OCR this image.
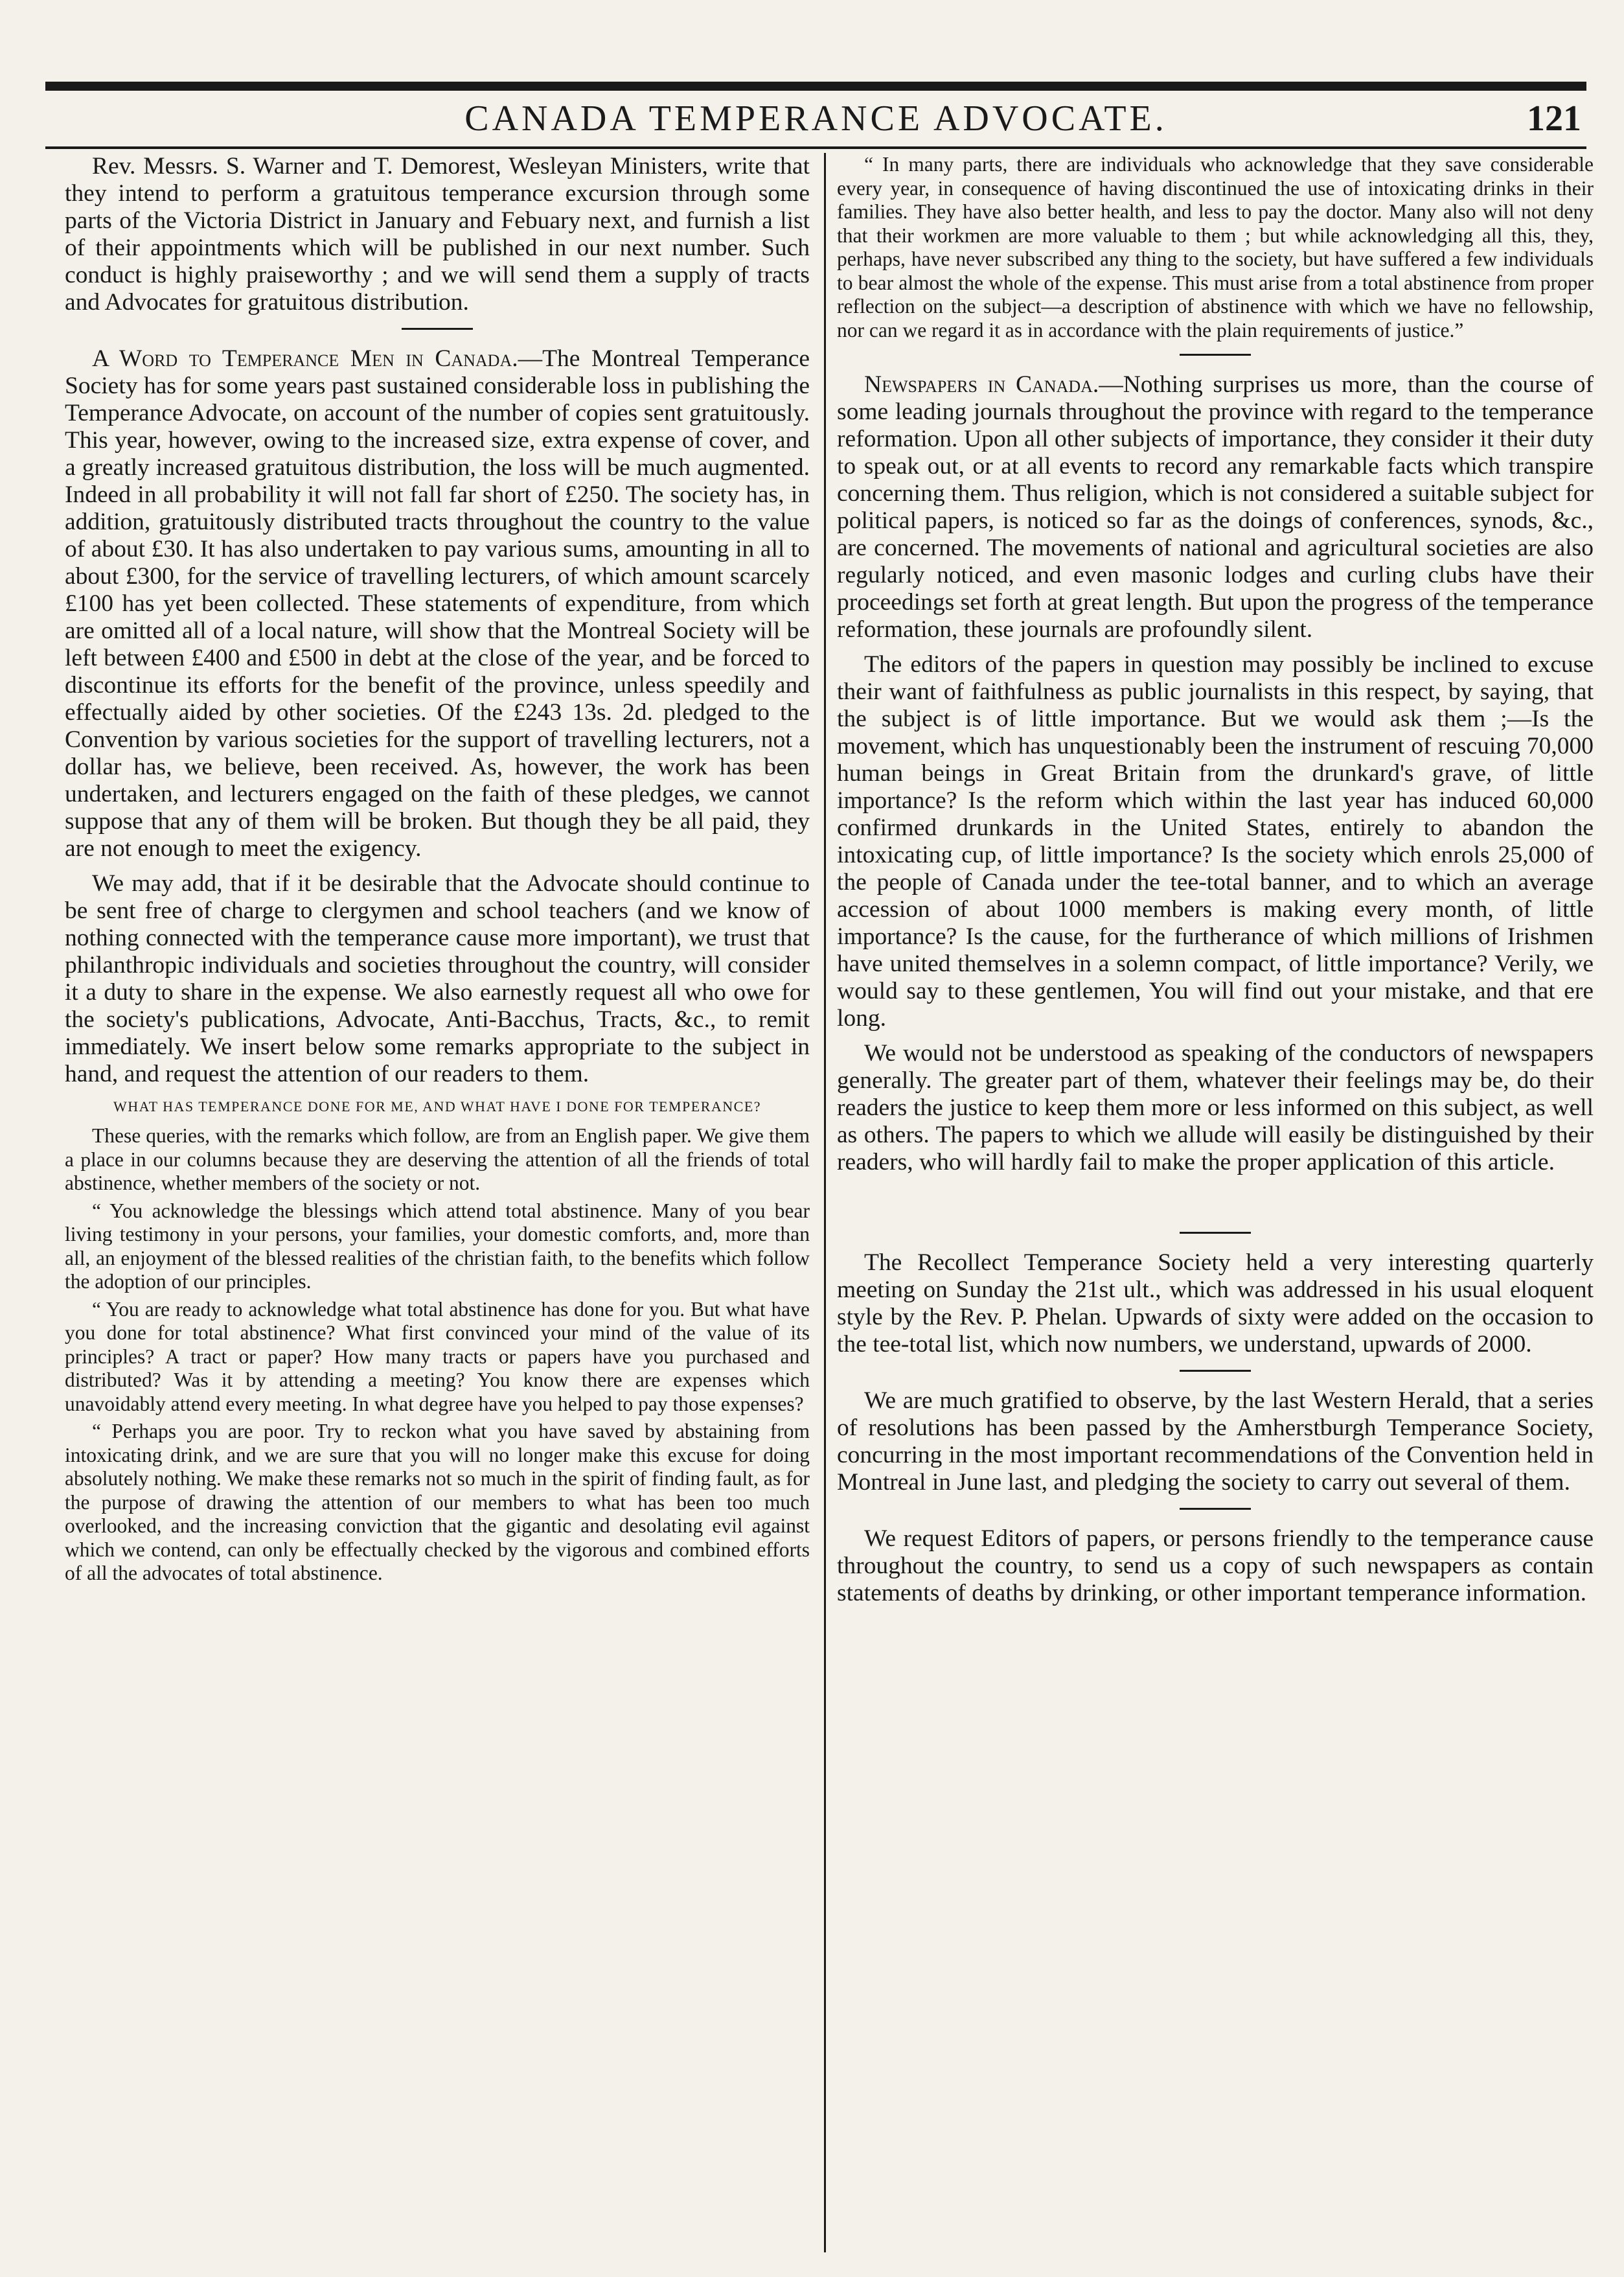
CANADA TEMPERANCE ADVOCATE.	121

Rev. Messrs. S. Warner and T. Demorest, Wesleyan Ministers, write that they intend to perform a gratuitous temperance excursion through some parts of the Victoria District in January and Febuary next, and furnish a list of their appointments which will be published in our next number. Such conduct is highly praiseworthy ; and we will send them a supply of tracts and Advocates for gratuitous distribution.

A Word to Temperance Men in Canada.—The Montreal Temperance Society has for some years past sustained considerable loss in publishing the Temperance Advocate, on account of the number of copies sent gratuitously. This year, however, owing to the increased size, extra expense of cover, and a greatly increased gratuitous distribution, the loss will be much augmented. Indeed in all probability it will not fall far short of £250. The society has, in addition, gratuitously distributed tracts throughout the country to the value of about £30. It has also undertaken to pay various sums, amounting in all to about £300, for the service of travelling lecturers, of which amount scarcely £100 has yet been collected. These statements of expenditure, from which are omitted all of a local nature, will show that the Montreal Society will be left between £400 and £500 in debt at the close of the year, and be forced to discontinue its efforts for the benefit of the province, unless speedily and effectually aided by other societies. Of the £243 13s. 2d. pledged to the Convention by various societies for the support of travelling lecturers, not a dollar has, we believe, been received. As, however, the work has been undertaken, and lecturers engaged on the faith of these pledges, we cannot suppose that any of them will be broken. But though they be all paid, they are not enough to meet the exigency.

We may add, that if it be desirable that the Advocate should continue to be sent free of charge to clergymen and school teachers (and we know of nothing connected with the temperance cause more important), we trust that philanthropic individuals and societies throughout the country, will consider it a duty to share in the expense. We also earnestly request all who owe for the society's publications, Advocate, Anti-Bacchus, Tracts, &c., to remit immediately. We insert below some remarks appropriate to the subject in hand, and request the attention of our readers to them.

WHAT HAS TEMPERANCE DONE FOR ME, AND WHAT HAVE I DONE FOR TEMPERANCE?

These queries, with the remarks which follow, are from an English paper. We give them a place in our columns because they are deserving the attention of all the friends of total abstinence, whether members of the society or not.

“ You acknowledge the blessings which attend total abstinence. Many of you bear living testimony in your persons, your families, your domestic comforts, and, more than all, an enjoyment of the blessed realities of the christian faith, to the benefits which follow the adoption of our principles.

“ You are ready to acknowledge what total abstinence has done for you. But what have you done for total abstinence? What first convinced your mind of the value of its principles? A tract or paper? How many tracts or papers have you purchased and distributed? Was it by attending a meeting? You know there are expenses which unavoidably attend every meeting. In what degree have you helped to pay those expenses?

“ Perhaps you are poor. Try to reckon what you have saved by abstaining from intoxicating drink, and we are sure that you will no longer make this excuse for doing absolutely nothing. We make these remarks not so much in the spirit of finding fault, as for the purpose of drawing the attention of our members to what has been too much overlooked, and the increasing conviction that the gigantic and desolating evil against which we contend, can only be effectually checked by the vigorous and combined efforts of all the advocates of total abstinence.

“ In many parts, there are individuals who acknowledge that they save considerable every year, in consequence of having discontinued the use of intoxicating drinks in their families. They have also better health, and less to pay the doctor. Many also will not deny that their workmen are more valuable to them ; but while acknowledging all this, they, perhaps, have never subscribed any thing to the society, but have suffered a few individuals to bear almost the whole of the expense. This must arise from a total abstinence from proper reflection on the subject—a description of abstinence with which we have no fellowship, nor can we regard it as in accordance with the plain requirements of justice.”

Newspapers in Canada.—Nothing surprises us more, than the course of some leading journals throughout the province with regard to the temperance reformation. Upon all other subjects of importance, they consider it their duty to speak out, or at all events to record any remarkable facts which transpire concerning them. Thus religion, which is not considered a suitable subject for political papers, is noticed so far as the doings of conferences, synods, &c., are concerned. The movements of national and agricultural societies are also regularly noticed, and even masonic lodges and curling clubs have their proceedings set forth at great length. But upon the progress of the temperance reformation, these journals are profoundly silent.

The editors of the papers in question may possibly be inclined to excuse their want of faithfulness as public journalists in this respect, by saying, that the subject is of little importance. But we would ask them ;—Is the movement, which has unquestionably been the instrument of rescuing 70,000 human beings in Great Britain from the drunkard's grave, of little importance? Is the reform which within the last year has induced 60,000 confirmed drunkards in the United States, entirely to abandon the intoxicating cup, of little importance? Is the society which enrols 25,000 of the people of Canada under the tee-total banner, and to which an average accession of about 1000 members is making every month, of little importance? Is the cause, for the furtherance of which millions of Irishmen have united themselves in a solemn compact, of little importance? Verily, we would say to these gentlemen, You will find out your mistake, and that ere long.

We would not be understood as speaking of the conductors of newspapers generally. The greater part of them, whatever their feelings may be, do their readers the justice to keep them more or less informed on this subject, as well as others. The papers to which we allude will easily be distinguished by their readers, who will hardly fail to make the proper application of this article.

The Recollect Temperance Society held a very interesting quarterly meeting on Sunday the 21st ult., which was addressed in his usual eloquent style by the Rev. P. Phelan. Upwards of sixty were added on the occasion to the tee-total list, which now numbers, we understand, upwards of 2000.

We are much gratified to observe, by the last Western Herald, that a series of resolutions has been passed by the Amherstburgh Temperance Society, concurring in the most important recommendations of the Convention held in Montreal in June last, and pledging the society to carry out several of them.

We request Editors of papers, or persons friendly to the temperance cause throughout the country, to send us a copy of such newspapers as contain statements of deaths by drinking, or other important temperance information.
